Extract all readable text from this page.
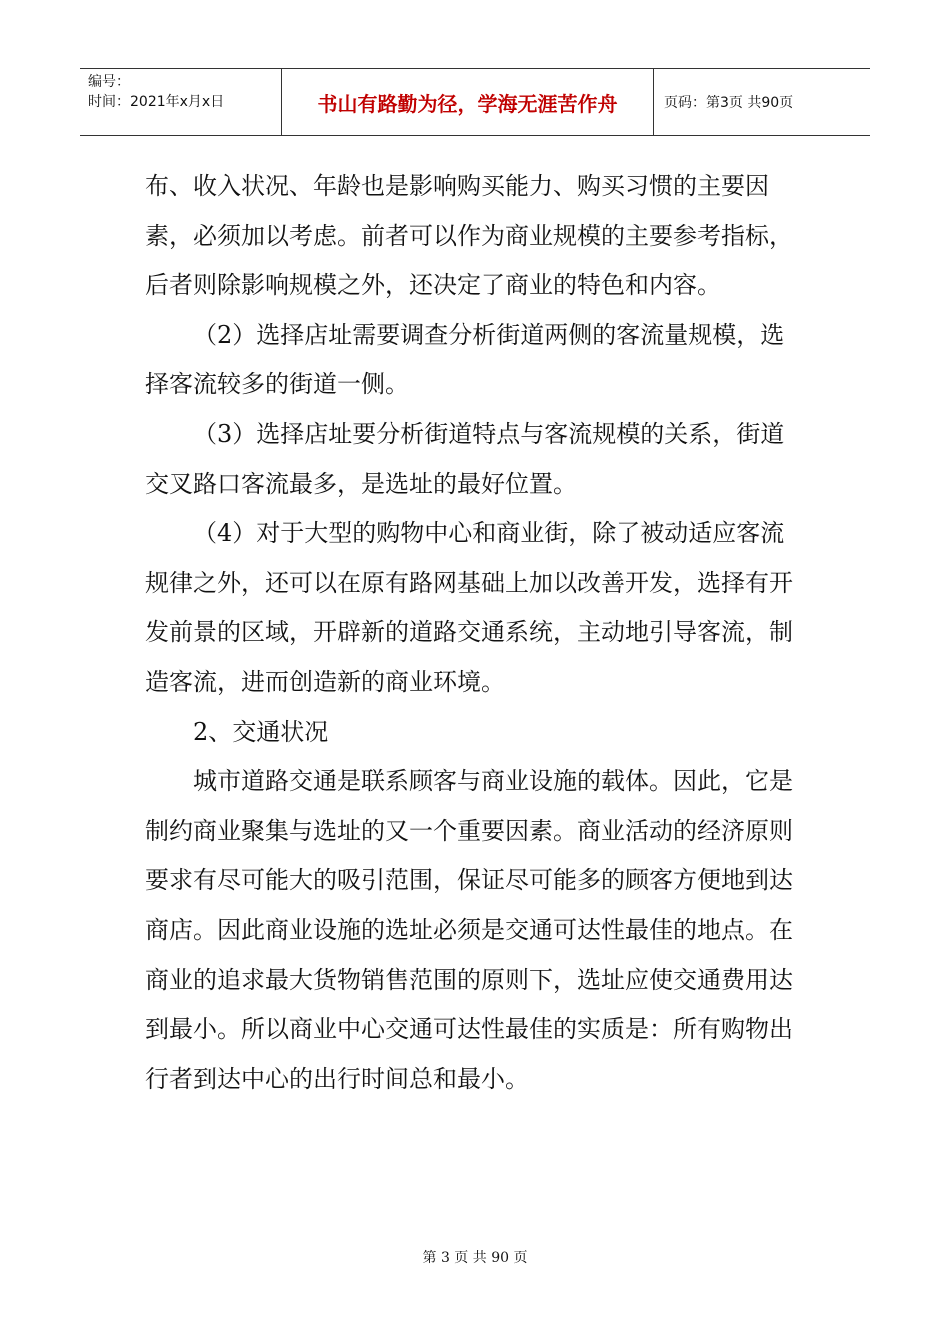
编号：
时间：2021年x月x日	书山有路勤为径，学海无涯苦作舟	页码：第3页 共90页

布、收入状况、年龄也是影响购买能力、购买习惯的主要因素，必须加以考虑。前者可以作为商业规模的主要参考指标，后者则除影响规模之外，还决定了商业的特色和内容。

（2）选择店址需要调查分析街道两侧的客流量规模，选择客流较多的街道一侧。

（3）选择店址要分析街道特点与客流规模的关系，街道交叉路口客流最多，是选址的最好位置。

（4）对于大型的购物中心和商业街，除了被动适应客流规律之外，还可以在原有路网基础上加以改善开发，选择有开发前景的区域，开辟新的道路交通系统，主动地引导客流，制造客流，进而创造新的商业环境。

2、交通状况

城市道路交通是联系顾客与商业设施的载体。因此，它是制约商业聚集与选址的又一个重要因素。商业活动的经济原则要求有尽可能大的吸引范围，保证尽可能多的顾客方便地到达商店。因此商业设施的选址必须是交通可达性最佳的地点。在商业的追求最大货物销售范围的原则下，选址应使交通费用达到最小。所以商业中心交通可达性最佳的实质是：所有购物出行者到达中心的出行时间总和最小。

第 3 页 共 90 页
